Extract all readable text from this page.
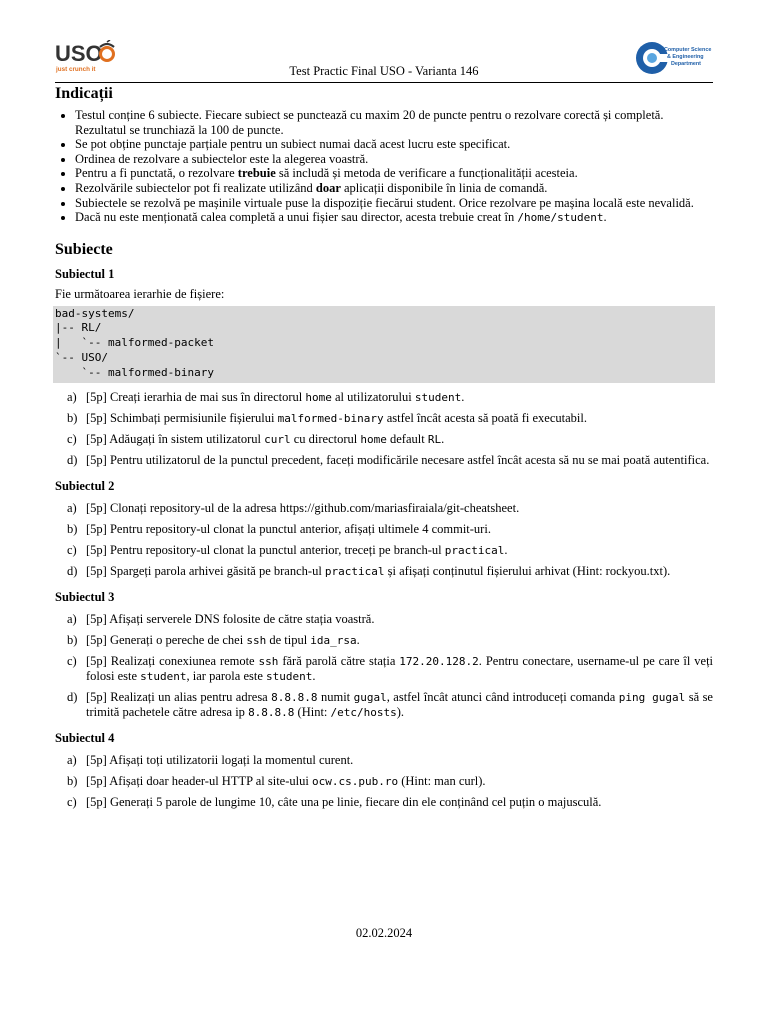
USO
just crunch it	Test Practic Final USO - Varianta 146
Computer Science
& Engineering
Department
Indicații
• Testul conține 6 subiecte. Fiecare subiect se punctează cu maxim 20 de puncte pentru o rezolvare corectă și completă. Rezultatul se trunchiază la 100 de puncte.
• Se pot obține punctaje parțiale pentru un subiect numai dacă acest lucru este specificat.
• Ordinea de rezolvare a subiectelor este la alegerea voastră.
• Pentru a fi punctată, o rezolvare trebuie să includă și metoda de verificare a funcționalității acesteia.
• Rezolvările subiectelor pot fi realizate utilizând doar aplicații disponibile în linia de comandă.
• Subiectele se rezolvă pe mașinile virtuale puse la dispoziție fiecărui student. Orice rezolvare pe mașina locală este nevalidă.
• Dacă nu este menționată calea completă a unui fișier sau director, acesta trebuie creat în /home/student.
Subiecte
Subiectul 1

Fie următoarea ierarhie de fișiere:

bad-systems/
|-- RL/
|   `-- malformed-packet
`-- USO/
`-- malformed-binary
a) [5p] Creați ierarhia de mai sus în directorul home al utilizatorului student.
b) [5p] Schimbați permisiunile fișierului malformed-binary astfel încât acesta să poată fi executabil.
c) [5p] Adăugați în sistem utilizatorul curl cu directorul home default RL.
d) [5p] Pentru utilizatorul de la punctul precedent, faceți modificările necesare astfel încât acesta să nu se mai poată autentifica.
Subiectul 2
a) [5p] Clonați repository-ul de la adresa https://github.com/mariasfiraiala/git-cheatsheet.
b) [5p] Pentru repository-ul clonat la punctul anterior, afișați ultimele 4 commit-uri.
c) [5p] Pentru repository-ul clonat la punctul anterior, treceți pe branch-ul practical.
d) [5p] Spargeți parola arhivei găsită pe branch-ul practical și afișați conținutul fișierului arhivat (Hint: rockyou.txt).
Subiectul 3
a) [5p] Afișați serverele DNS folosite de către stația voastră.
b) [5p] Generați o pereche de chei ssh de tipul ida_rsa.
c) [5p] Realizați conexiunea remote ssh fără parolă către stația 172.20.128.2. Pentru conectare, username-ul pe care îl veți folosi este student, iar parola este student.
d) [5p] Realizați un alias pentru adresa 8.8.8.8 numit gugal, astfel încât atunci când introduceți comanda ping gugal să se trimită pachetele către adresa ip 8.8.8.8 (Hint: /etc/hosts).
Subiectul 4
a) [5p] Afișați toți utilizatorii logați la momentul curent.
b) [5p] Afișați doar header-ul HTTP al site-ului ocw.cs.pub.ro (Hint: man curl).
c) [5p] Generați 5 parole de lungime 10, câte una pe linie, fiecare din ele conținând cel puțin o majusculă.
02.02.2024
